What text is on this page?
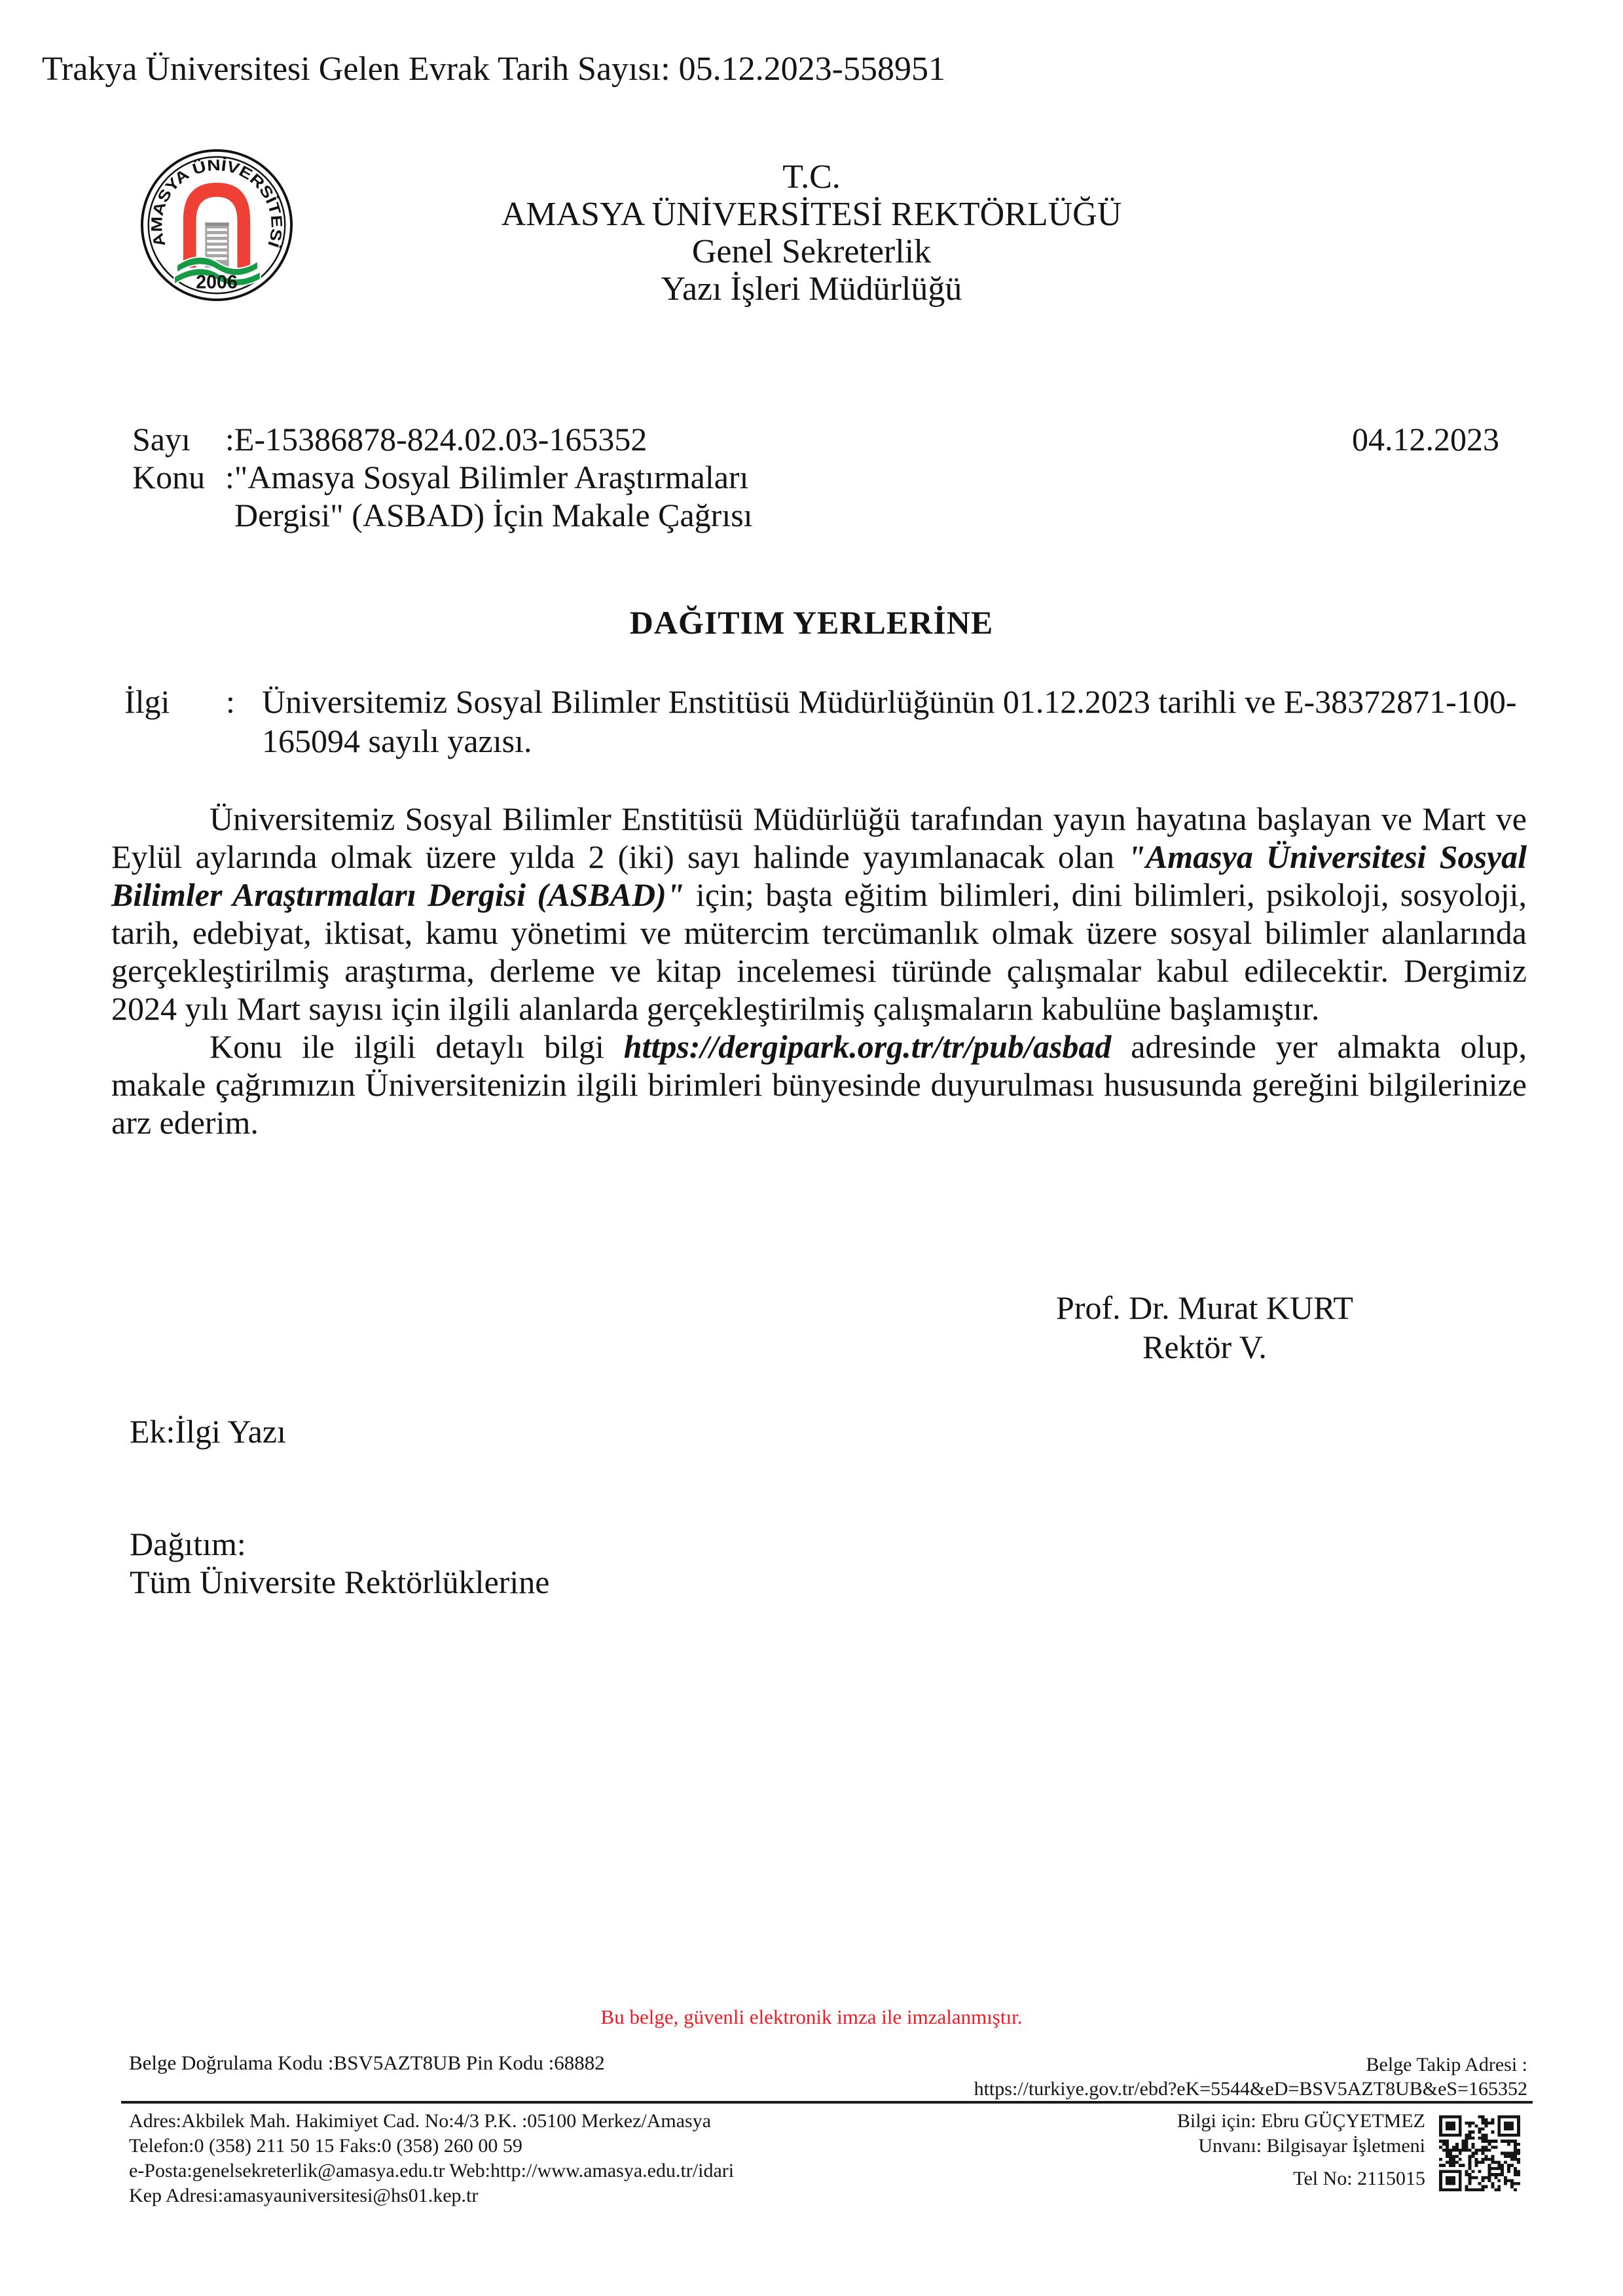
Trakya Üniversitesi Gelen Evrak Tarih Sayısı: 05.12.2023-558951
AMASYA ÜNİVERSİTESİ
2006
T.C.
AMASYA ÜNİVERSİTESİ REKTÖRLÜĞÜ
Genel Sekreterlik
Yazı İşleri Müdürlüğü
Sayı	:E-15386878-824.02.03-165352
Konu :"Amasya Sosyal Bilimler Araştırmaları
Dergisi" (ASBAD) İçin Makale Çağrısı
04.12.2023
DAĞITIM YERLERİNE
İlgi	: Üniversitemiz Sosyal Bilimler Enstitüsü Müdürlüğünün 01.12.2023 tarihli ve E-38372871-100-165094 sayılı yazısı.

Üniversitemiz Sosyal Bilimler Enstitüsü Müdürlüğü tarafından yayın hayatına başlayan ve Mart ve Eylül aylarında olmak üzere yılda 2 (iki) sayı halinde yayımlanacak olan "Amasya Üniversitesi Sosyal Bilimler Araştırmaları Dergisi (ASBAD)" için; başta eğitim bilimleri, dini bilimleri, psikoloji, sosyoloji, tarih, edebiyat, iktisat, kamu yönetimi ve mütercim tercümanlık olmak üzere sosyal bilimler alanlarında gerçekleştirilmiş araştırma, derleme ve kitap incelemesi türünde çalışmalar kabul edilecektir. Dergimiz 2024 yılı Mart sayısı için ilgili alanlarda gerçekleştirilmiş çalışmaların kabulüne başlamıştır.

Konu ile ilgili detaylı bilgi https://dergipark.org.tr/tr/pub/asbad adresinde yer almakta olup, makale çağrımızın Üniversitenizin ilgili birimleri bünyesinde duyurulması hususunda gereğini bilgilerinize arz ederim.

Prof. Dr. Murat KURT
Rektör V.
Ek:İlgi Yazı
Dağıtım:
Tüm Üniversite Rektörlüklerine
Bu belge, güvenli elektronik imza ile imzalanmıştır.
Belge Doğrulama Kodu :BSV5AZT8UB Pin Kodu :68882	Belge Takip Adresi :
https://turkiye.gov.tr/ebd?eK=5544&eD=BSV5AZT8UB&eS=165352
Adres:Akbilek Mah. Hakimiyet Cad. No:4/3 P.K. :05100 Merkez/Amasya
Telefon:0 (358) 211 50 15 Faks:0 (358) 260 00 59
e-Posta:genelsekreterlik@amasya.edu.tr Web:http://www.amasya.edu.tr/idari
Kep Adresi:amasyauniversitesi@hs01.kep.tr
Bilgi için: Ebru GÜÇYETMEZ
Unvanı: Bilgisayar İşletmeni
Tel No: 2115015
